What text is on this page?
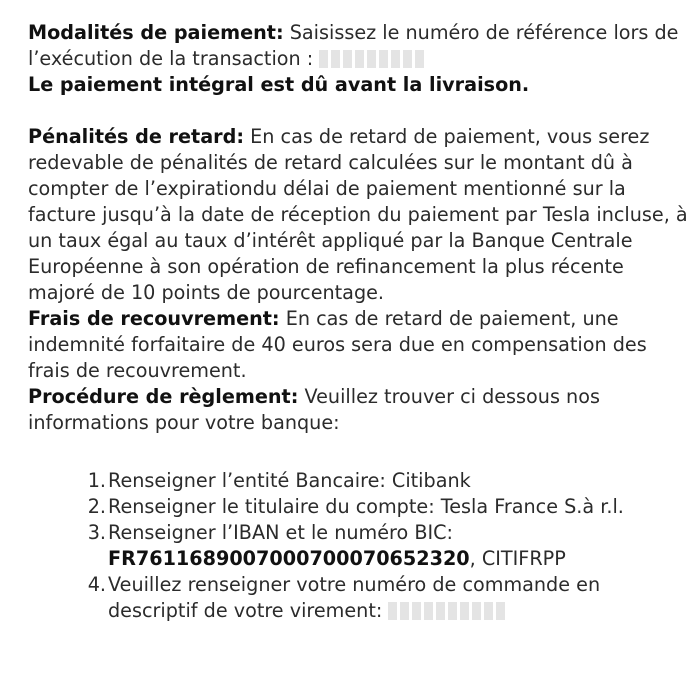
Modalités de paiement: Saisissez le numéro de référence lors de l’exécution de la transaction :

Le paiement intégral est dû avant la livraison.

Pénalités de retard: En cas de retard de paiement, vous serez redevable de pénalités de retard calculées sur le montant dû à compter de l’expirationdu délai de paiement mentionné sur la facture jusqu’à la date de réception du paiement par Tesla incluse, à un taux égal au taux d’intérêt appliqué par la Banque Centrale Européenne à son opération de refinancement la plus récente majoré de 10 points de pourcentage.

Frais de recouvrement: En cas de retard de paiement, une indemnité forfaitaire de 40 euros sera due en compensation des frais de recouvrement.

Procédure de règlement: Veuillez trouver ci dessous nos informations pour votre banque:

1. Renseigner l’entité Bancaire: Citibank
2. Renseigner le titulaire du compte: Tesla France S.à r.l.
3. Renseigner l’IBAN et le numéro BIC:
FR7611689007000700070652320, CITIFRPP
4. Veuillez renseigner votre numéro de commande en descriptif de votre virement:
